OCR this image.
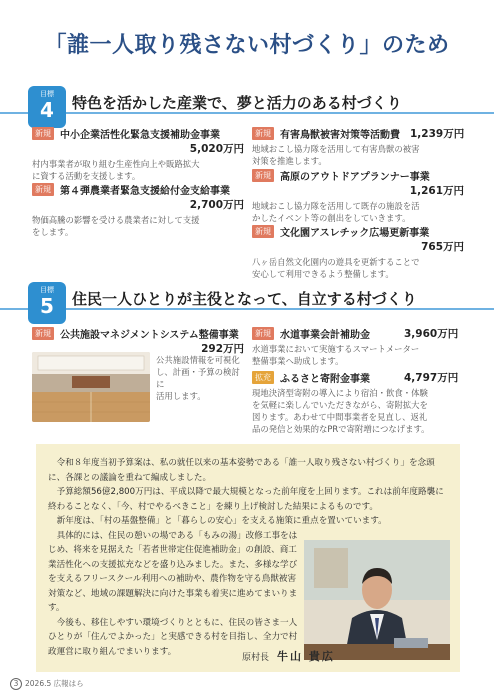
「誰一人取り残さない村づくり」のため
目標
4	特色を活かした産業で、夢と活力のある村づくり
新規 中小企業活性化緊急支援補助金事業
5,020万円
村内事業者が取り組む生産性向上や販路拡大
に資する活動を支援します。
新規 第４弾農業者緊急支援給付金支給事業
2,700万円
物価高騰の影響を受ける農業者に対して支援
をします。
新規 有害鳥獣被害対策等活動費 1,239万円
地域おこし協力隊を活用して有害鳥獣の被害
対策を推進します。
新規 高原のアウトドアプランナー事業
1,261万円
地域おこし協力隊を活用して既存の施設を活
かしたイベント等の創出をしていきます。
新規 文化園アスレチック広場更新事業
765万円
八ヶ岳自然文化園内の遊具を更新することで
安心して利用できるよう整備します。
目標
5	住民一人ひとりが主役となって、自立する村づくり
新規 公共施設マネジメントシステム整備事業
292万円
公共施設情報を可視化
し、計画・予算の検討に
活用します。
新規 水道事業会計補助金	3,960万円
水道事業において実施するスマートメーター
整備事業へ助成します。
拡充 ふるさと寄附金事業	4,797万円
現地決済型寄附の導入により宿泊・飲食・体験
を気軽に楽しんでいただきながら、寄附拡大を
図ります。あわせて中間事業者を見直し、返礼
品の発信と効果的なPRで寄附増につなげます。

令和８年度当初予算案は、私の就任以来の基本姿勢である「誰一人取り残さない村づくり」を念頭に、各課との議論を重ねて編成しました。

予算総額56億2,800万円は、平成以降で最大規模となった前年度を上回ります。これは前年度路襲に終わることなく、「今、村でやるべきこと」を練り上げ検討した結果によるものです。

新年度は、「村の基盤整備」と「暮らしの安心」を支える施策に重点を置いています。

具体的には、住民の憩いの場である「もみの湯」改修工事をはじめ、将来を見据えた「若者世帯定住促進補助金」の創設、商工業活性化への支援拡充などを盛り込みました。また、多様な学びを支えるフリースクール利用への補助や、農作物を守る鳥獣被害対策など、地域の課題解決に向けた事業も着実に進めてまいります。

今後も、移住しやすい環境づくりとともに、住民の皆さま一人ひとりが「住んでよかった」と実感できる村を目指し、全力で村政運営に取り組んでまいります。

原村長 牛山 貴広
3 2026.5 広報はら
